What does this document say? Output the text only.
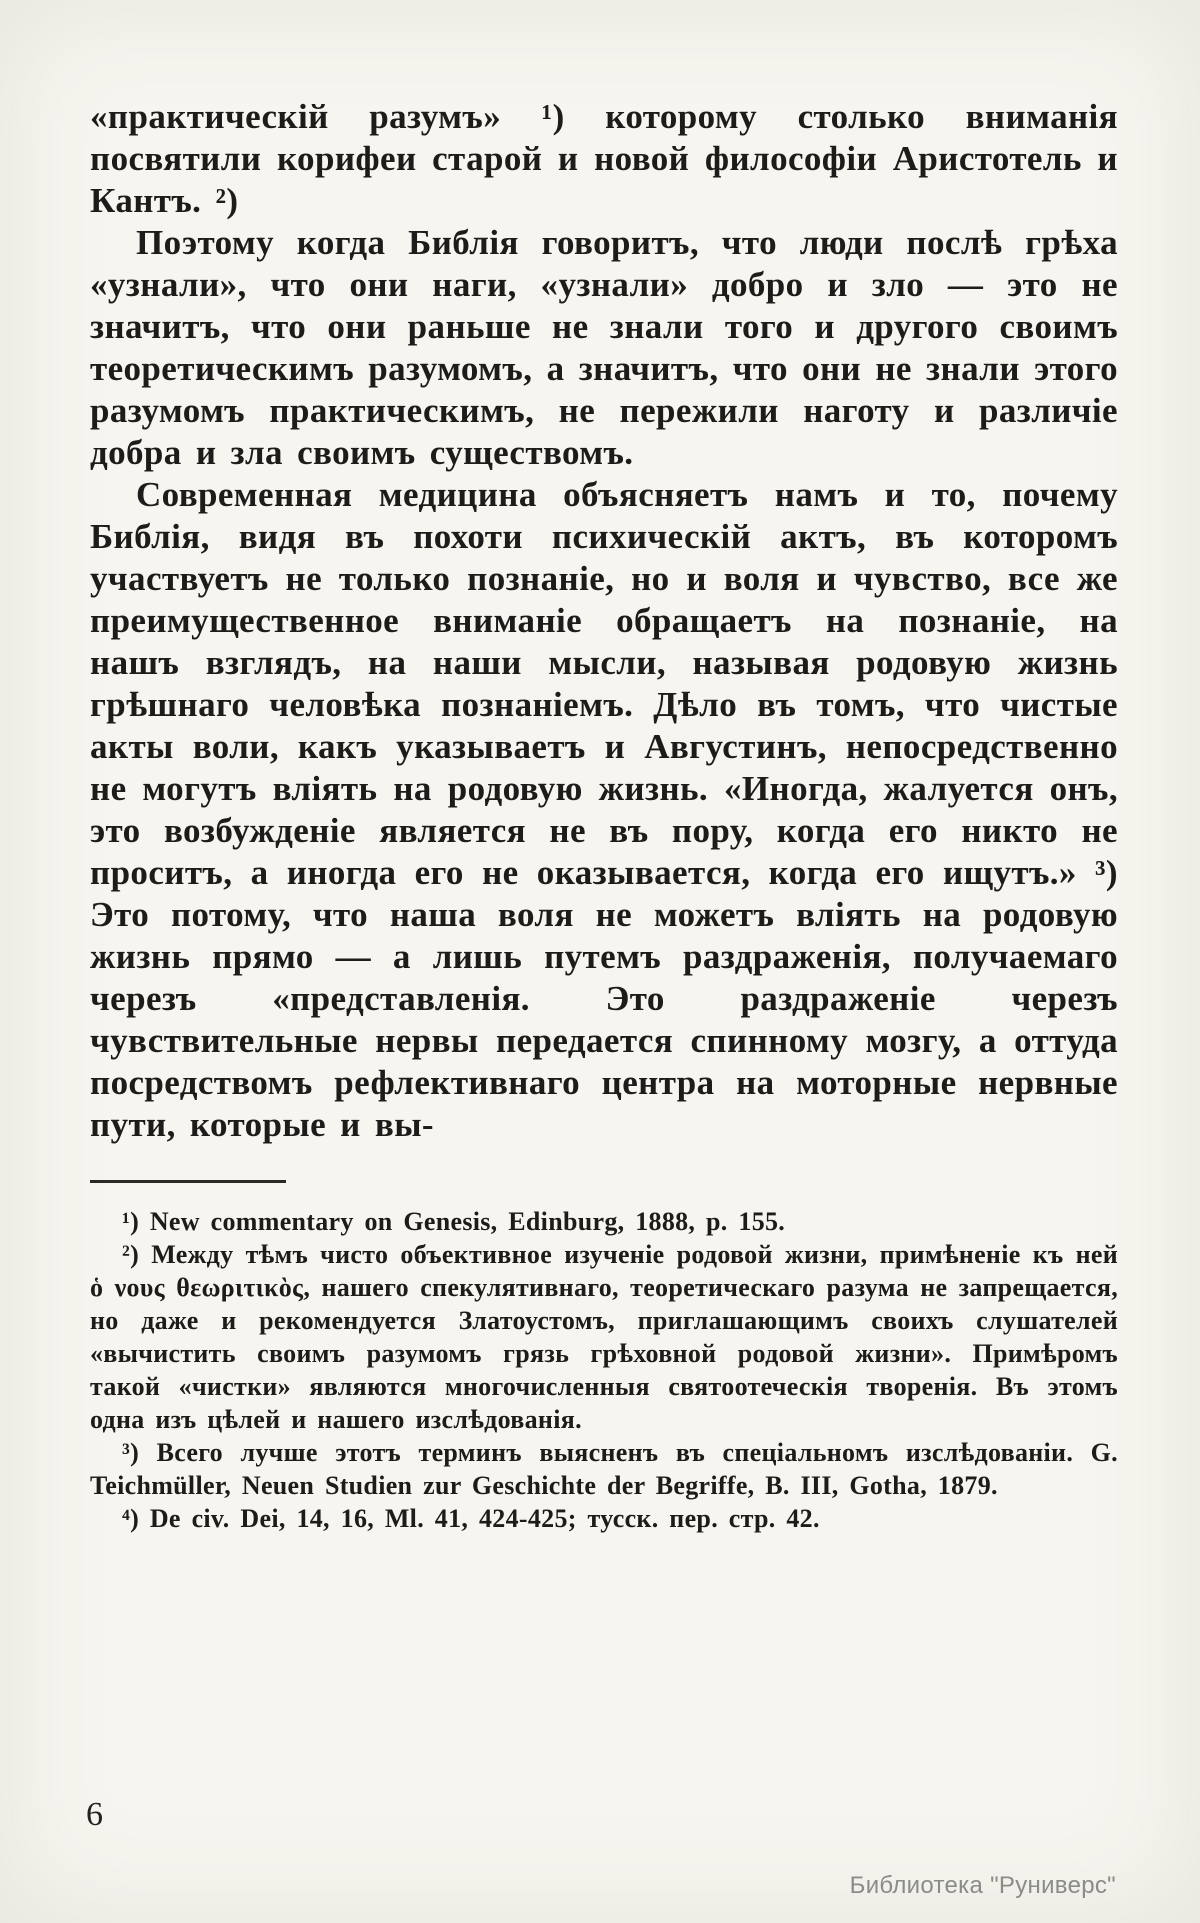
«практическій разумъ» ¹) которому столько вниманія посвятили корифеи старой и новой философіи Аристотель и Кантъ. ²)

Поэтому когда Библія говоритъ, что люди послѣ грѣха «узнали», что они наги, «узнали» добро и зло — это не значитъ, что они раньше не знали того и другого своимъ теоретическимъ разумомъ, а значитъ, что они не знали этого разумомъ практическимъ, не пережили наготу и различіе добра и зла своимъ существомъ.

Современная медицина объясняетъ намъ и то, почему Библія, видя въ похоти психическій актъ, въ которомъ участвуетъ не только познаніе, но и воля и чувство, все же преимущественное вниманіе обращаетъ на познаніе, на нашъ взглядъ, на наши мысли, называя родовую жизнь грѣшнаго человѣка познаніемъ. Дѣло въ томъ, что чистые акты воли, какъ указываетъ и Августинъ, непосредственно не могутъ вліять на родовую жизнь. «Иногда, жалуется онъ, это возбужденіе является не въ пору, когда его никто не проситъ, а иногда его не оказывается, когда его ищутъ.» ³) Это потому, что наша воля не можетъ вліять на родовую жизнь прямо — а лишь путемъ раздраженія, получаемаго черезъ «представленія. Это раздраженіе черезъ чувствительные нервы передается спинному мозгу, а оттуда посредствомъ рефлективнаго центра на моторные нервные пути, которые и вы-

¹) New commentary on Genesis, Edinburg, 1888, p. 155.

²) Между тѣмъ чисто объективное изученіе родовой жизни, примѣненіе къ ней ὁ νους θεωριτικὸς, нашего спекулятивнаго, теоретическаго разума не запрещается, но даже и рекомендуется Златоустомъ, приглашающимъ своихъ слушателей «вычистить своимъ разумомъ грязь грѣховной родовой жизни». Примѣромъ такой «чистки» являются многочисленныя святоотеческія творенія. Въ этомъ одна изъ цѣлей и нашего изслѣдованія.

³) Всего лучше этотъ терминъ выясненъ въ спеціальномъ изслѣдованіи. G. Teichmüller, Neuen Studien zur Geschichte der Begriffe, B. III, Gotha, 1879.

⁴) De civ. Dei, 14, 16, Ml. 41, 424-425; тусск. пер. стр. 42.

6
Библиотека "Руниверс"
